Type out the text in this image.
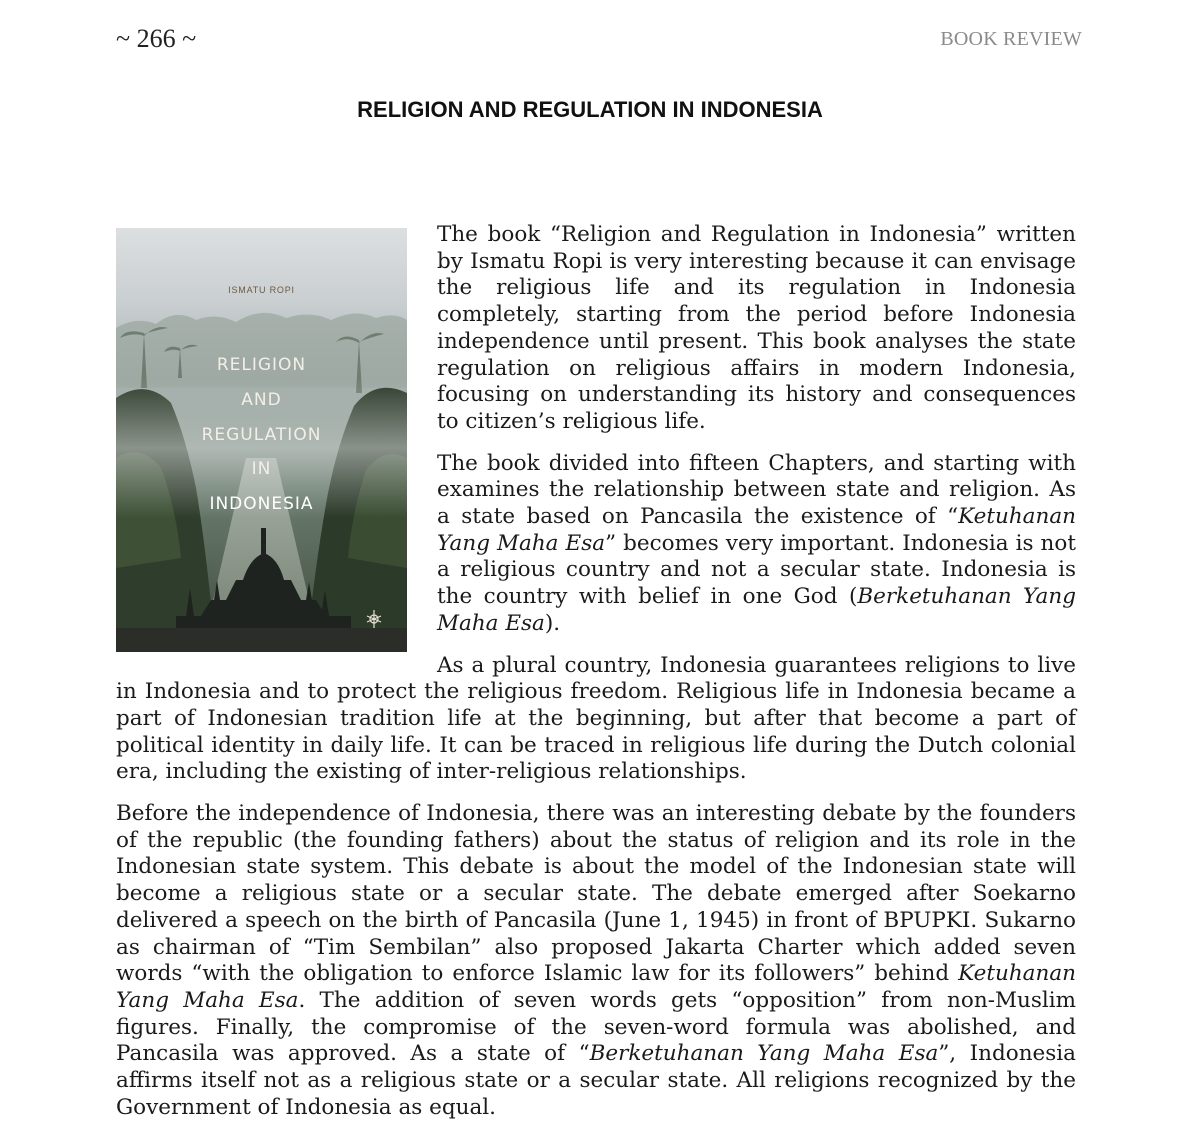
~ 266 ~	BOOK REVIEW
RELIGION AND REGULATION IN INDONESIA
ISMATU ROPI
RELIGION
AND
REGULATION
IN
INDONESIA

The book “Religion and Regulation in Indonesia” written by Ismatu Ropi is very interesting because it can envisage the religious life and its regulation in Indonesia completely, starting from the period before Indonesia independence until present. This book analyses the state regulation on religious affairs in modern Indonesia, focusing on understanding its history and consequences to citizen’s religious life.

The book divided into fifteen Chapters, and starting with examines the relationship between state and religion. As a state based on Pancasila the existence of “Ketuhanan Yang Maha Esa” becomes very important. Indonesia is not a religious country and not a secular state. Indonesia is the country with belief in one God (Berketuhanan Yang Maha Esa).

As a plural country, Indonesia guarantees religions to live in Indonesia and to protect the religious freedom. Religious life in Indonesia became a part of Indonesian tradition life at the beginning, but after that become a part of political identity in daily life. It can be traced in religious life during the Dutch colonial era, including the existing of inter-religious relationships.

Before the independence of Indonesia, there was an interesting debate by the founders of the republic (the founding fathers) about the status of religion and its role in the Indonesian state system. This debate is about the model of the Indonesian state will become a religious state or a secular state. The debate emerged after Soekarno delivered a speech on the birth of Pancasila (June 1, 1945) in front of BPUPKI. Sukarno as chairman of “Tim Sembilan” also proposed Jakarta Charter which added seven words “with the obligation to enforce Islamic law for its followers” behind Ketuhanan Yang Maha Esa. The addition of seven words gets “opposition” from non-Muslim figures. Finally, the compromise of the seven-word formula was abolished, and Pancasila was approved. As a state of “Berketuhanan Yang Maha Esa”, Indonesia affirms itself not as a religious state or a secular state. All religions recognized by the Government of Indonesia as equal.
